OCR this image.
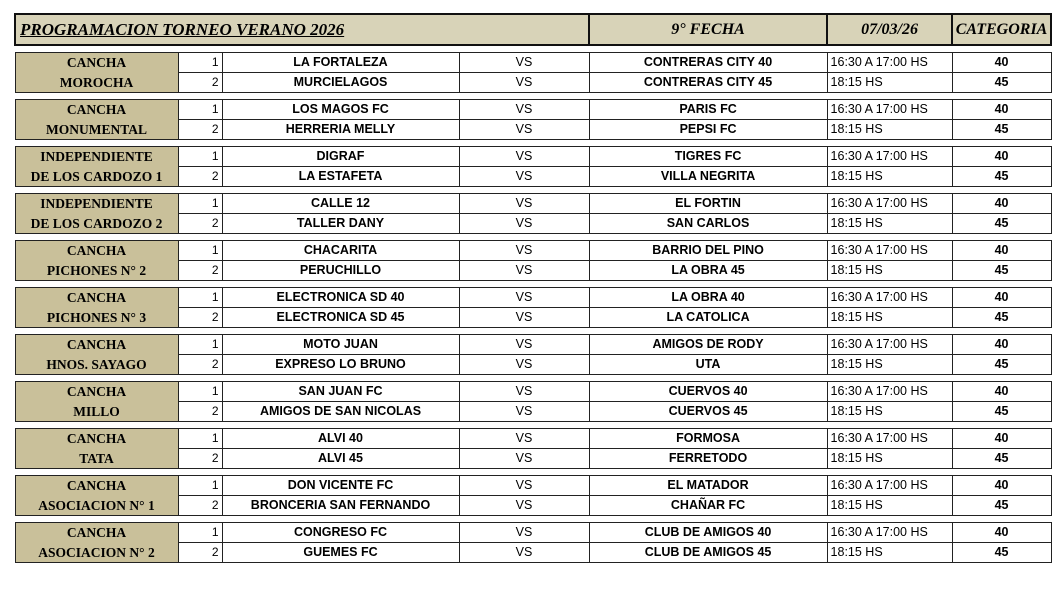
PROGRAMACION TORNEO VERANO 2026				9° FECHA	07/03/26	CATEGORIA

CANCHA	1	LA FORTALEZA	VS	CONTRERAS CITY 40	16:30 A 17:00 HS	40
MOROCHA	2	MURCIELAGOS	VS	CONTRERAS CITY 45	18:15 HS	45

CANCHA	1	LOS MAGOS FC	VS	PARIS FC	16:30 A 17:00 HS	40
MONUMENTAL	2	HERRERIA MELLY	VS	PEPSI FC	18:15 HS	45

INDEPENDIENTE	1	DIGRAF	VS	TIGRES FC	16:30 A 17:00 HS	40
DE LOS CARDOZO 1	2	LA ESTAFETA	VS	VILLA NEGRITA	18:15 HS	45

INDEPENDIENTE	1	CALLE 12	VS	EL FORTIN	16:30 A 17:00 HS	40
DE LOS CARDOZO 2	2	TALLER DANY	VS	SAN CARLOS	18:15 HS	45

CANCHA	1	CHACARITA	VS	BARRIO DEL PINO	16:30 A 17:00 HS	40
PICHONES N° 2	2	PERUCHILLO	VS	LA OBRA 45	18:15 HS	45

CANCHA	1	ELECTRONICA SD 40	VS	LA OBRA 40	16:30 A 17:00 HS	40
PICHONES N° 3	2	ELECTRONICA SD 45	VS	LA CATOLICA	18:15 HS	45

CANCHA	1	MOTO JUAN	VS	AMIGOS DE RODY	16:30 A 17:00 HS	40
HNOS. SAYAGO	2	EXPRESO LO BRUNO	VS	UTA	18:15 HS	45

CANCHA	1	SAN JUAN FC	VS	CUERVOS 40	16:30 A 17:00 HS	40
MILLO	2	AMIGOS DE SAN NICOLAS	VS	CUERVOS 45	18:15 HS	45

CANCHA	1	ALVI 40	VS	FORMOSA	16:30 A 17:00 HS	40
TATA	2	ALVI 45	VS	FERRETODO	18:15 HS	45

CANCHA	1	DON VICENTE FC	VS	EL MATADOR	16:30 A 17:00 HS	40
ASOCIACION N° 1	2	BRONCERIA SAN FERNANDO	VS	CHAÑAR FC	18:15 HS	45

CANCHA	1	CONGRESO FC	VS	CLUB DE AMIGOS 40	16:30 A 17:00 HS	40
ASOCIACION N° 2	2	GUEMES FC	VS	CLUB DE AMIGOS 45	18:15 HS	45
